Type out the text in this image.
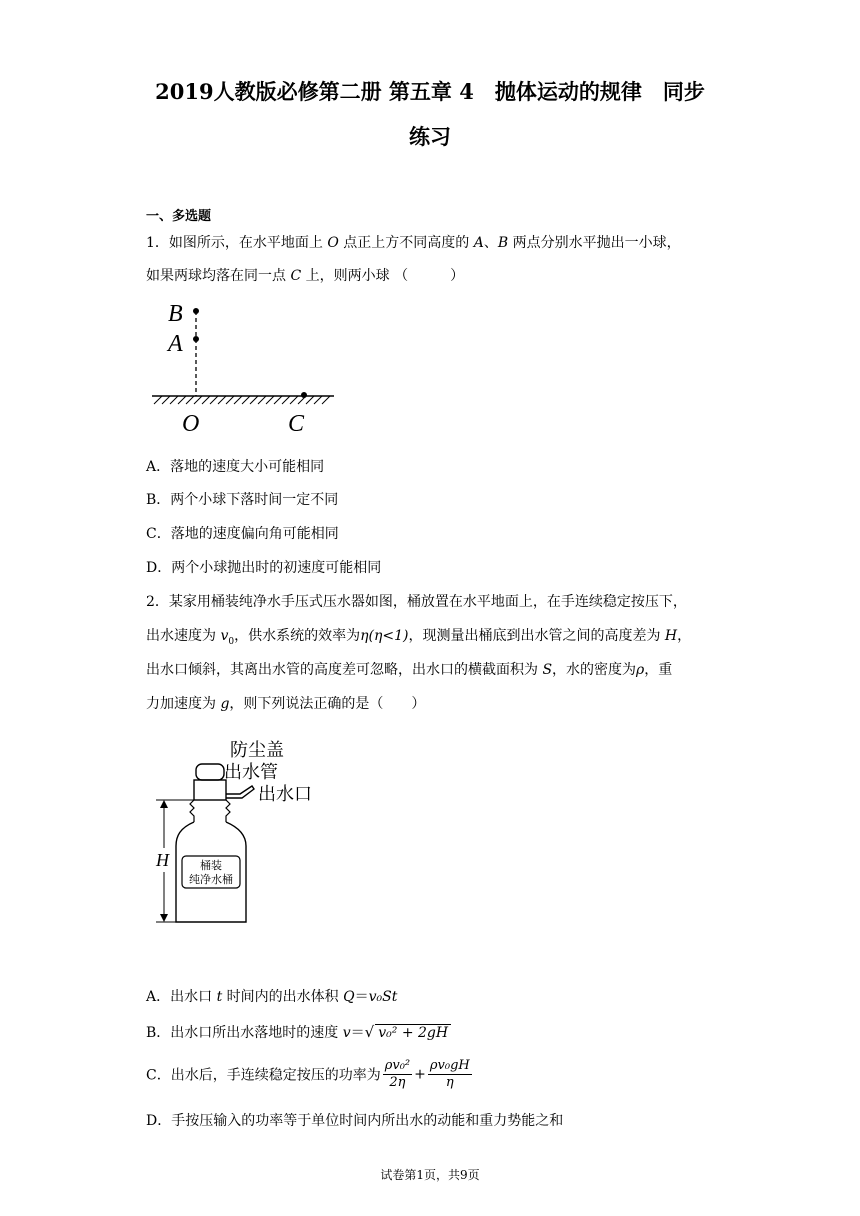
2019人教版必修第二册 第五章 4　抛体运动的规律　同步
练习
一、多选题
1．如图所示，在水平地面上 O 点正上方不同高度的 A、B 两点分别水平抛出一小球，
如果两球均落在同一点 C 上，则两小球 （　　　）
B
A
O	C
A．落地的速度大小可能相同
B．两个小球下落时间一定不同
C．落地的速度偏向角可能相同
D．两个小球抛出时的初速度可能相同
2．某家用桶装纯净水手压式压水器如图，桶放置在水平地面上，在手连续稳定按压下，
出水速度为 $v_0$，供水系统的效率为η(η<1)，现测量出桶底到出水管之间的高度差为 H，
出水口倾斜，其离出水管的高度差可忽略，出水口的横截面积为 S，水的密度为ρ，重
力加速度为 g，则下列说法正确的是（　　）
桶装
纯净水桶
H
防尘盖
出水管
出水口
A．出水口 t 时间内的出水体积 Q＝v₀St
B．出水口所出水落地时的速度 v＝√ v₀² + 2gH
C．出水后，手连续稳定按压的功率为 $\frac{\text{ρv₀²}}{2\eta} + \frac{\text{ρv₀gH}}{\eta}$
D．手按压输入的功率等于单位时间内所出水的动能和重力势能之和
试卷第1页，共9页
